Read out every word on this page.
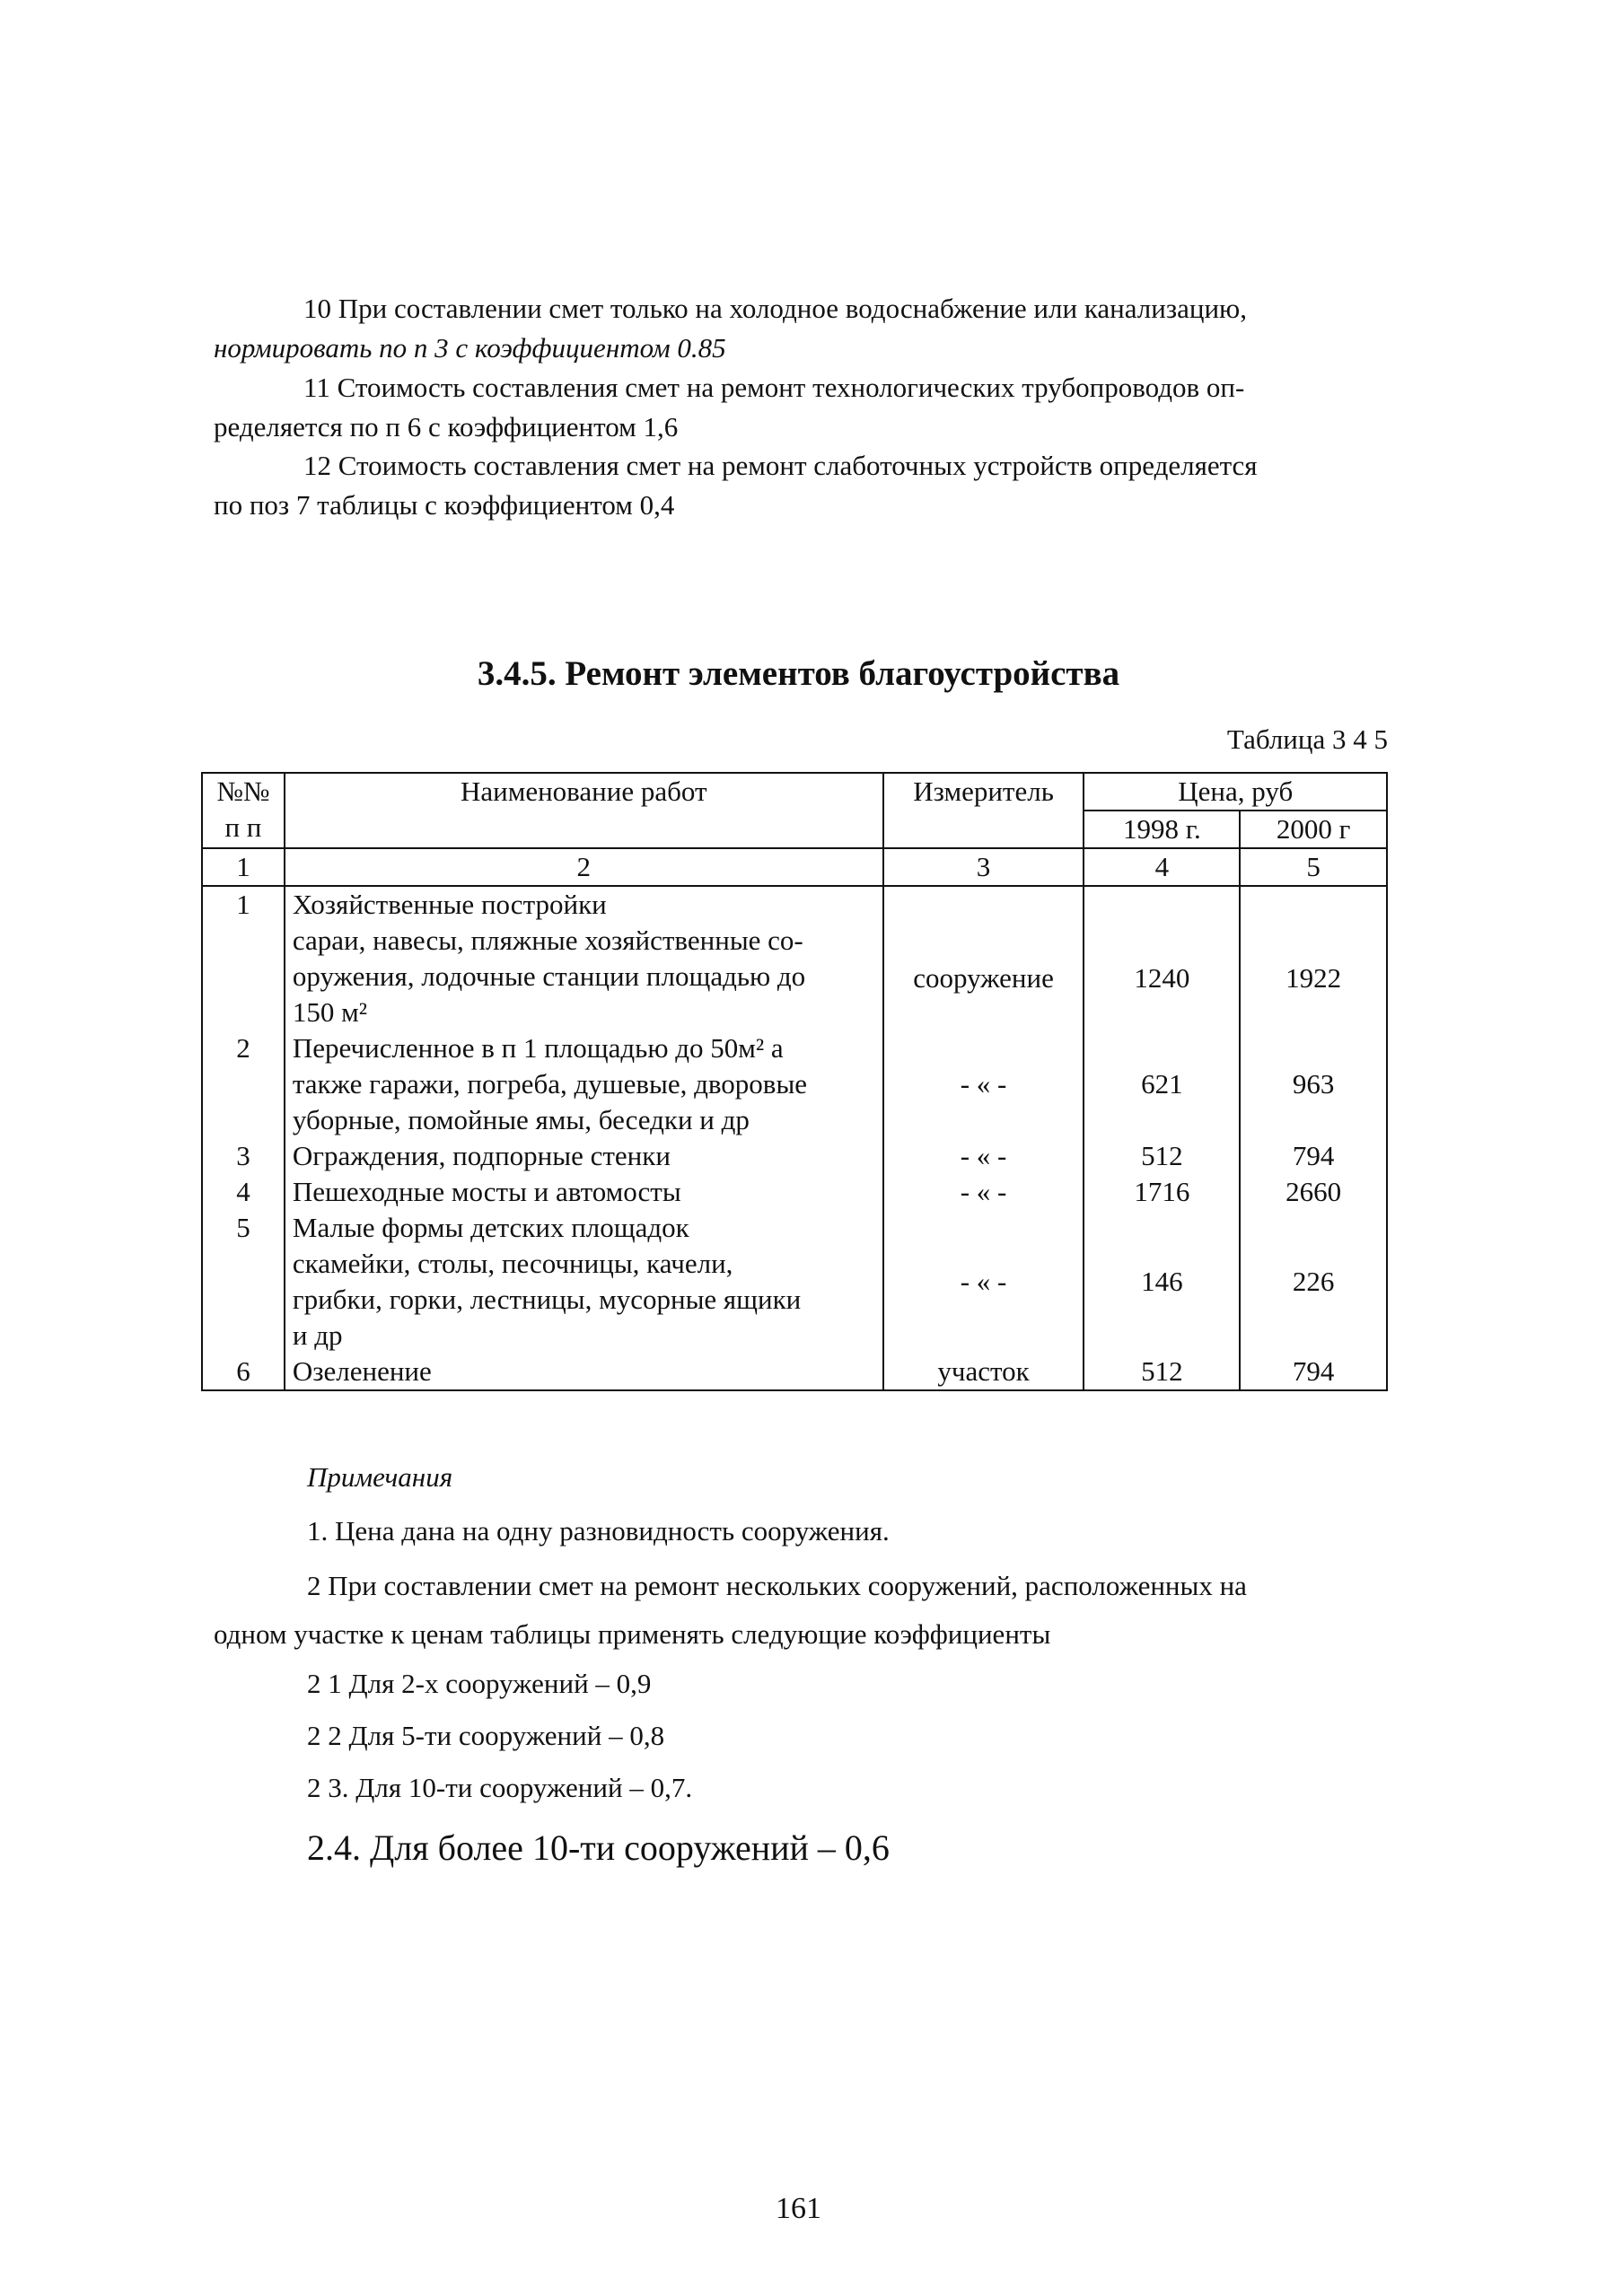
10 При составлении смет только на холодное водоснабжение или канализацию,
нормировать по п 3 с коэффициентом 0.85
11 Стоимость составления смет на ремонт технологических трубопроводов оп-
ределяется по п 6 с коэффициентом 1,6
12 Стоимость составления смет на ремонт слаботочных устройств определяется
по поз 7 таблицы с коэффициентом 0,4
3.4.5. Ремонт элементов благоустройства
Таблица 3 4 5
№№ п п	Наименование работ	Измеритель	Цена, руб	
			1998 г.	2000 г
1	2	3	4	5
1	Хозяйственные постройки

сараи, навесы, пляжные хозяйственные со-

оружения, лодочные станции площадью до

150 м²	сооружение	1240	1922
2	Перечисленное в п 1 площадью до 50м² а

также гаражи, погреба, душевые, дворовые

уборные, помойные ямы, беседки и др	- « -	621	963
3	Ограждения, подпорные стенки	- « -	512	794
4	Пешеходные мосты и автомосты	- « -	1716	2660
5	Малые формы детских площадок

скамейки, столы, песочницы, качели,

грибки, горки, лестницы, мусорные ящики

и др	- « -	146	226
6	Озеленение	участок	512	794
Примечания
1. Цена дана на одну разновидность сооружения.
2 При составлении смет на ремонт нескольких сооружений, расположенных на
одном участке к ценам таблицы применять следующие коэффициенты
2 1 Для 2-х сооружений – 0,9
2 2 Для 5-ти сооружений – 0,8
2 3. Для 10-ти сооружений – 0,7.
2.4. Для более 10-ти сооружений – 0,6
161
